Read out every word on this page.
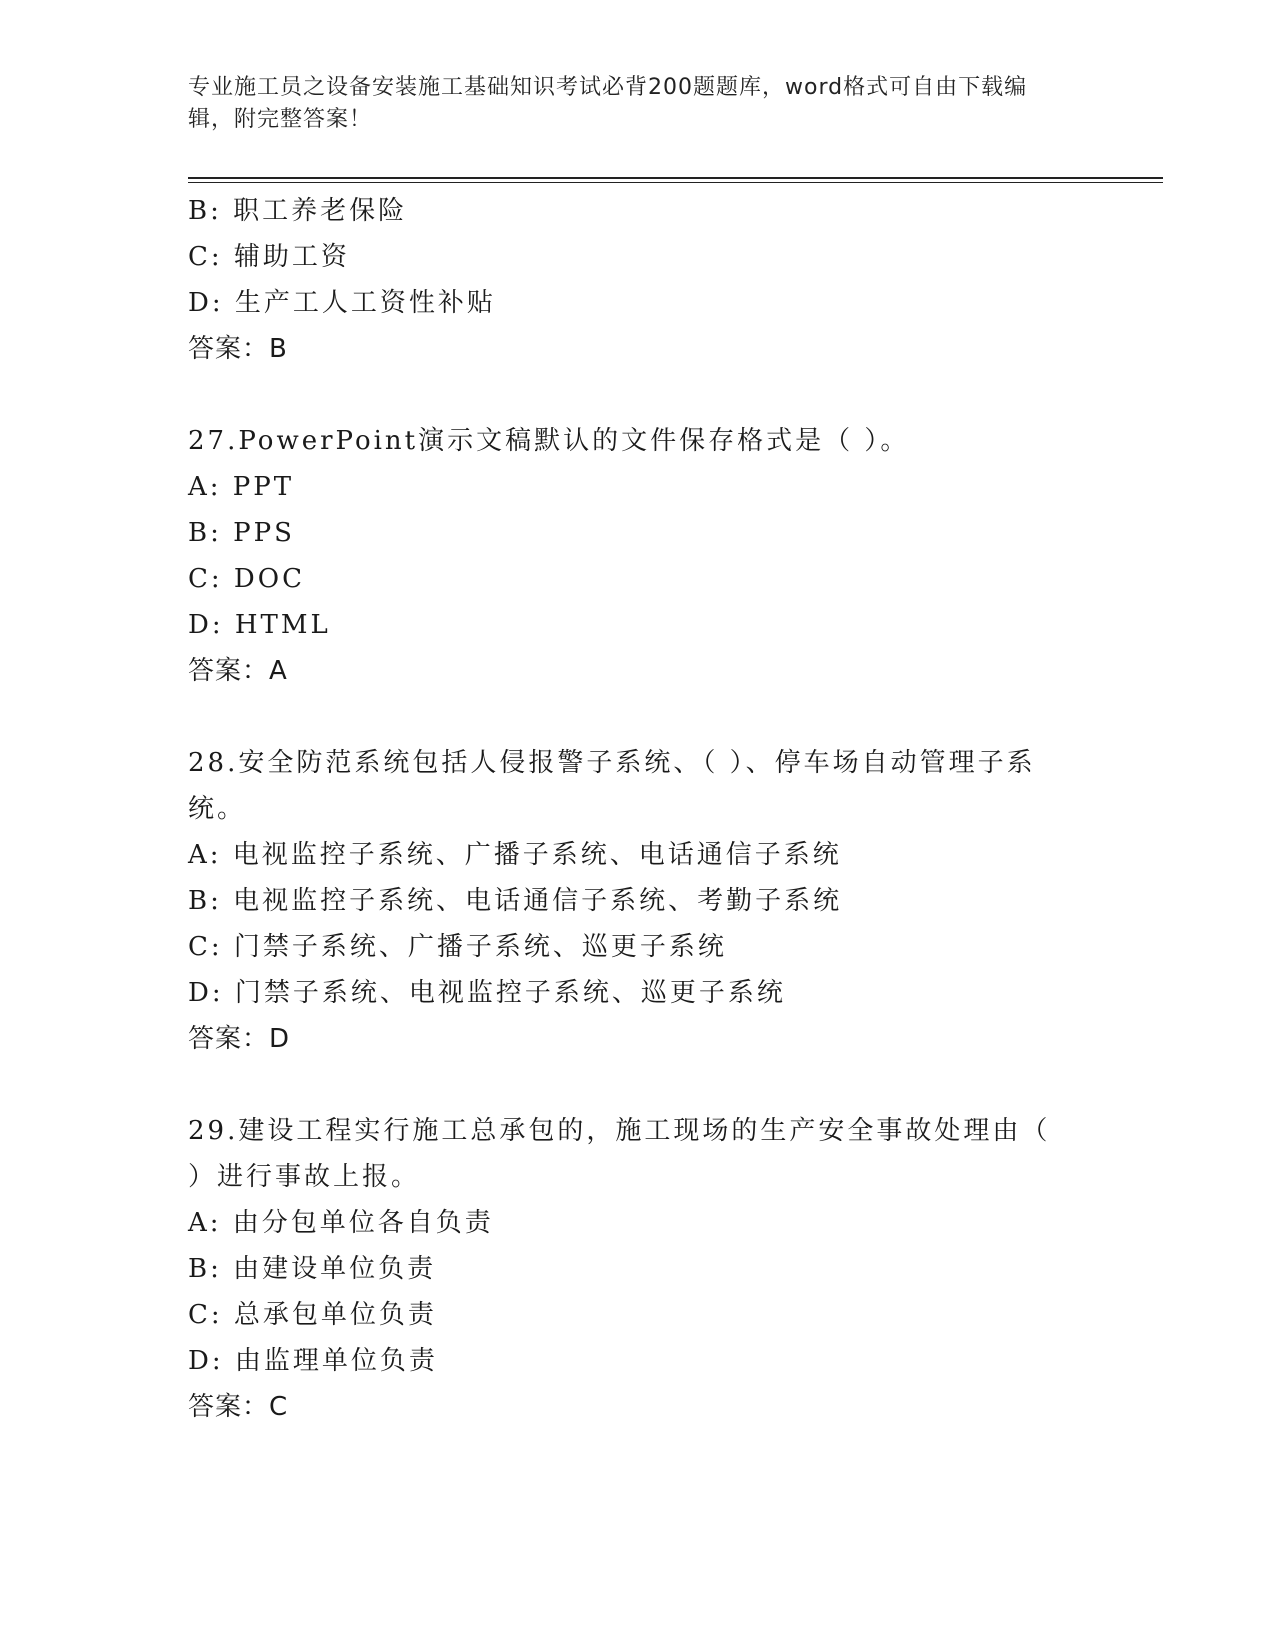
专业施工员之设备安装施工基础知识考试必背200题题库，word格式可自由下载编辑，附完整答案！
B: 职工养老保险
C: 辅助工资
D: 生产工人工资性补贴
答案：B
27.PowerPoint演示文稿默认的文件保存格式是（ ）。
A: PPT
B: PPS
C: DOC
D: HTML
答案：A
28.安全防范系统包括人侵报警子系统、（ ）、停车场自动管理子系统。
A: 电视监控子系统、广播子系统、电话通信子系统
B: 电视监控子系统、电话通信子系统、考勤子系统
C: 门禁子系统、广播子系统、巡更子系统
D: 门禁子系统、电视监控子系统、巡更子系统
答案：D
29.建设工程实行施工总承包的，施工现场的生产安全事故处理由（ ）进行事故上报。
A: 由分包单位各自负责
B: 由建设单位负责
C: 总承包单位负责
D: 由监理单位负责
答案：C
